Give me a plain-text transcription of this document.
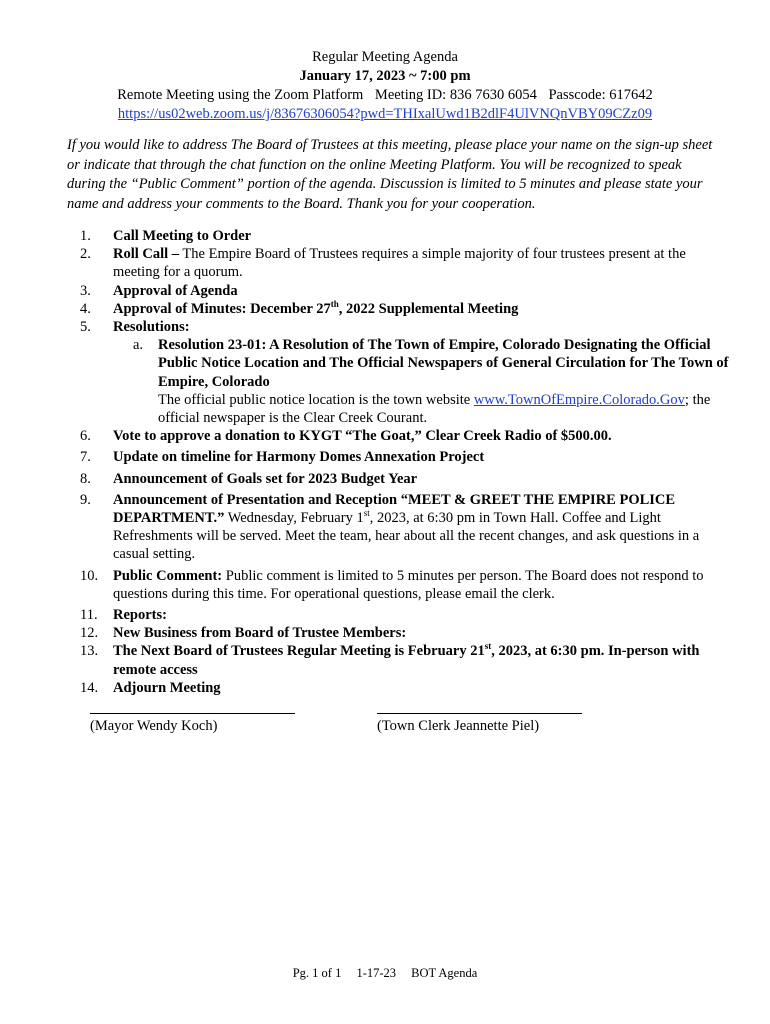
Regular Meeting Agenda
January 17, 2023 ~ 7:00 pm
Remote Meeting using the Zoom Platform Meeting ID: 836 7630 6054 Passcode: 617642
https://us02web.zoom.us/j/83676306054?pwd=THIxalUwd1B2dlF4UlVNQnVBY09CZz09
If you would like to address The Board of Trustees at this meeting, please place your name on the sign-up sheet or indicate that through the chat function on the online Meeting Platform. You will be recognized to speak during the “Public Comment” portion of the agenda. Discussion is limited to 5 minutes and please state your name and address your comments to the Board. Thank you for your cooperation.
1.	Call Meeting to Order
2.	Roll Call – The Empire Board of Trustees requires a simple majority of four trustees present at the meeting for a quorum.
3.	Approval of Agenda
4.	Approval of Minutes: December 27th, 2022 Supplemental Meeting
5.	Resolutions:
a. Resolution 23-01: A Resolution of The Town of Empire, Colorado Designating the Official Public Notice Location and The Official Newspapers of General Circulation for The Town of Empire, Colorado
The official public notice location is the town website www.TownOfEmpire.Colorado.Gov; the official newspaper is the Clear Creek Courant.
6.	Vote to approve a donation to KYGT “The Goat,” Clear Creek Radio of $500.00.
7.	Update on timeline for Harmony Domes Annexation Project
8.	Announcement of Goals set for 2023 Budget Year
9.	Announcement of Presentation and Reception “MEET & GREET THE EMPIRE POLICE DEPARTMENT.” Wednesday, February 1st, 2023, at 6:30 pm in Town Hall. Coffee and Light Refreshments will be served. Meet the team, hear about all the recent changes, and ask questions in a casual setting.
10.	Public Comment: Public comment is limited to 5 minutes per person. The Board does not respond to questions during this time. For operational questions, please email the clerk.
11.	Reports:
12.	New Business from Board of Trustee Members:
13.	The Next Board of Trustees Regular Meeting is February 21st, 2023, at 6:30 pm. In-person with remote access
14.	Adjourn Meeting
(Mayor Wendy Koch)	(Town Clerk Jeannette Piel)
Pg. 1 of 1 1-17-23 BOT Agenda
